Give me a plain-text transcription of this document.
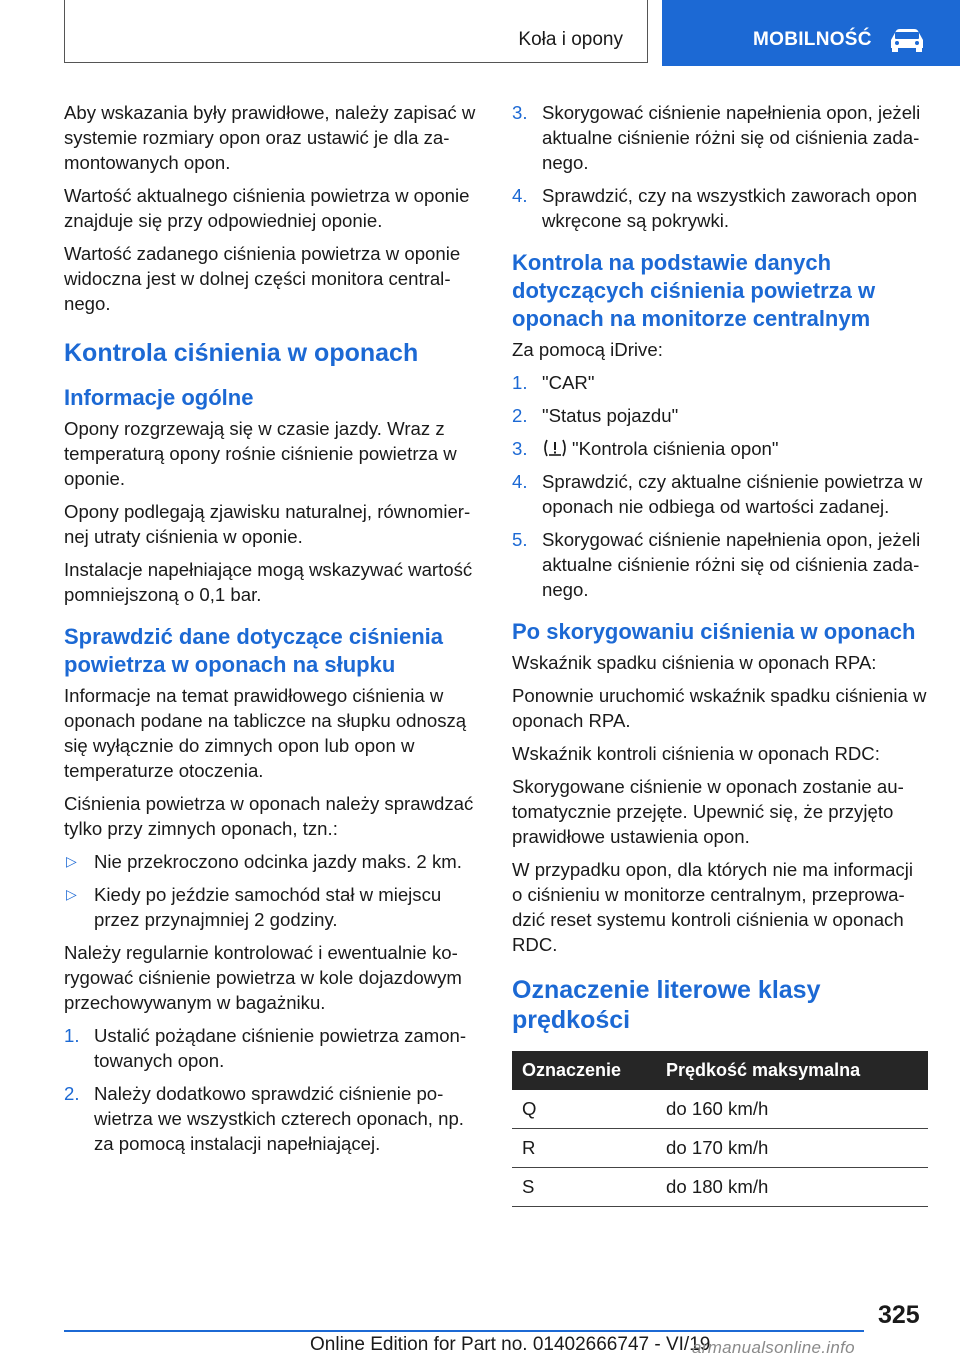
Koła i opony	MOBILNOŚĆ

Aby wskazania były prawidłowe, należy zapisać w systemie rozmiary opon oraz ustawić je dla zamontowanych opon.

Wartość aktualnego ciśnienia powietrza w oponie znajduje się przy odpowiedniej oponie.

Wartość zadanego ciśnienia powietrza w oponie widoczna jest w dolnej części monitora centralnego.

Kontrola ciśnienia w oponach
Informacje ogólne

Opony rozgrzewają się w czasie jazdy. Wraz z temperaturą opony rośnie ciśnienie powietrza w oponie.

Opony podlegają zjawisku naturalnej, równomiernej utraty ciśnienia w oponie.

Instalacje napełniające mogą wskazywać wartość pomniejszoną o 0,1 bar.

Sprawdzić dane dotyczące ciśnienia powietrza w oponach na słupku

Informacje na temat prawidłowego ciśnienia w oponach podane na tabliczce na słupku odnoszą się wyłącznie do zimnych opon lub opon w temperaturze otoczenia.

Ciśnienia powietrza w oponach należy sprawdzać tylko przy zimnych oponach, tzn.:

▷ Nie przekroczono odcinka jazdy maks. 2 km.
▷ Kiedy po jeździe samochód stał w miejscu przez przynajmniej 2 godziny.

Należy regularnie kontrolować i ewentualnie korygować ciśnienie powietrza w kole dojazdowym przechowywanym w bagażniku.

1. Ustalić pożądane ciśnienie powietrza zamontowanych opon.
2. Należy dodatkowo sprawdzić ciśnienie powietrza we wszystkich czterech oponach, np. za pomocą instalacji napełniającej.
3. Skorygować ciśnienie napełnienia opon, jeżeli aktualne ciśnienie różni się od ciśnienia zadanego.
4. Sprawdzić, czy na wszystkich zaworach opon wkręcone są pokrywki.
Kontrola na podstawie danych dotyczących ciśnienia powietrza w oponach na monitorze centralnym

Za pomocą iDrive:

1. "CAR"
2. "Status pojazdu"
3. "Kontrola ciśnienia opon"
4. Sprawdzić, czy aktualne ciśnienie powietrza w oponach nie odbiega od wartości zadanej.
5. Skorygować ciśnienie napełnienia opon, jeżeli aktualne ciśnienie różni się od ciśnienia zadanego.
Po skorygowaniu ciśnienia w oponach

Wskaźnik spadku ciśnienia w oponach RPA:

Ponownie uruchomić wskaźnik spadku ciśnienia w oponach RPA.

Wskaźnik kontroli ciśnienia w oponach RDC:

Skorygowane ciśnienie w oponach zostanie automatycznie przejęte. Upewnić się, że przyjęto prawidłowe ustawienia opon.

W przypadku opon, dla których nie ma informacji o ciśnieniu w monitorze centralnym, przeprowadzić reset systemu kontroli ciśnienia w oponach RDC.

Oznaczenie literowe klasy prędkości
Oznaczenie	Prędkość maksymalna
Q	do 160 km/h
R	do 170 km/h
S	do 180 km/h
325
Online Edition for Part no. 01402666747 - VI/19
armanualsonline.info
